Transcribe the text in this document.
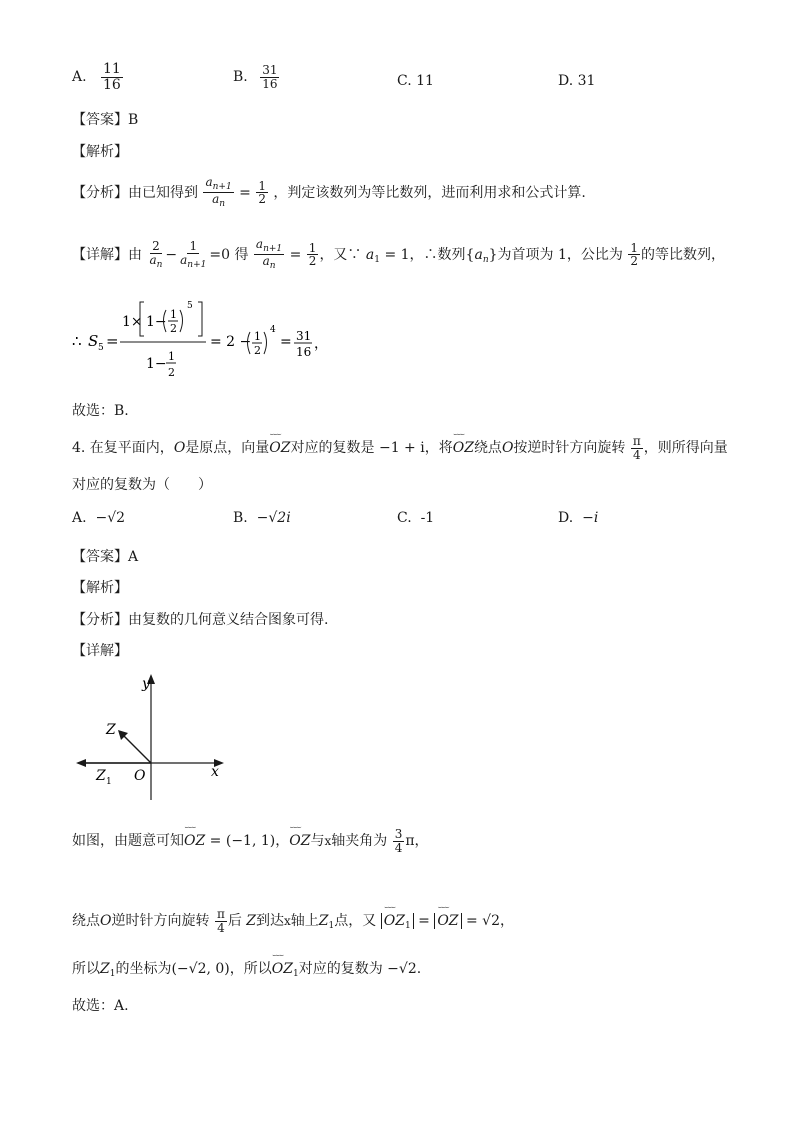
A. $\frac{11}{16}$	B. $\frac{31}{16}$	C. 11	D. 31
【答案】B
【解析】
【分析】由已知得到 $\frac{a_{n+1}}{a_n} = \frac{1}{2}$ ，判定该数列为等比数列，进而利用求和公式计算.
【详解】由 $\frac{2}{a_n} - \frac{1}{a_{n+1}} =0$ 得 $\frac{a_{n+1}}{a_n} = \frac{1}{2}$ ，又∵ $a_1 = 1$，∴数列$\{a_n\}$为首项为 1，公比为 $\frac{1}{2}$ 的等比数列，
∴ S 5 =
1× 1− 1
2
5
1− 1
2
= 2 − 1
2
4
= 31
16 ，
故选：B.
4. 在复平面内，O是原点，向量⌣⌣⌣ OZ对应的复数是 −1 + i，将⌣⌣⌣ OZ绕点O按逆时针方向旋转 $\frac{\pi}{4}$ ，则所得向量
对应的复数为（　　）
A. −√2	B. −√2i	C. -1	D. −i
【答案】A
【解析】
【分析】由复数的几何意义结合图象可得.
【详解】
y
x
Z
Z 1 O
如图，由题意可知⌣⌣⌣ OZ = (−1, 1)，⌣⌣⌣ OZ与x轴夹角为 $\frac{3}{4}$ π，
绕点O逆时针方向旋转 $\frac{\pi}{4}$ 后 Z到达x轴上$Z_1$点，又 ⌣⌣⌣ $OZ_1$ = ⌣⌣⌣ OZ = √2，
所以$Z_1$的坐标为(−√2, 0)，所以⌣⌣⌣ $OZ_1$对应的复数为 −√2.
故选：A.
